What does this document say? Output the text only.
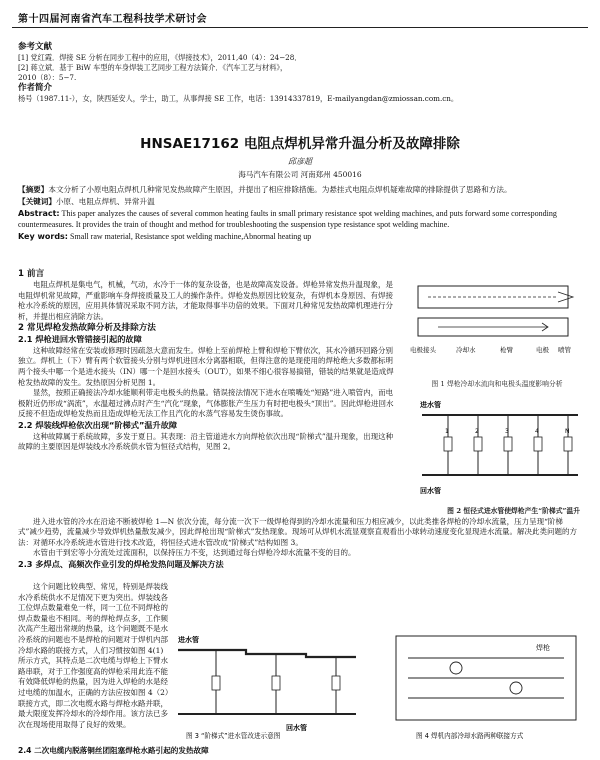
第十四届河南省汽车工程科技学术研讨会
参考文献
[1] 党红霞．焊接 SE 分析在同步工程中的应用，《焊接技术》，2011,40（4）：24−28．
[2] 蒋立斌．基于 BiW 车型的车身焊装工艺同步工程方法简介．《汽车工艺与材料》，
2010（8）：5−7.
作者简介
杨号（1987.11-），女，陕西延安人，学士，助工，从事焊接 SE 工作，电话：13914337819，E-mailyangdan@zmiossan.com.cn。
HNSAE17162 电阻点焊机异常升温分析及故障排除
邱彦超
海马汽车有限公司 河南郑州 450016

【摘要】本文分析了小原电阻点焊机几种常见发热故障产生原因，并提出了相应排除措施。为悬挂式电阻点焊机疑难故障的排除提供了思路和方法。

【关键词】小原、电阻点焊机、异常升温

Abstract: This paper analyzes the causes of several common heating faults in small primary resistance spot welding machines, and puts forward some corresponding countermeasures. It provides the train of thought and method for troubleshooting the suspension type resistance spot welding machine.

Key words: Small raw material, Resistance spot welding machine,Abnormal heating up

1 前言

电阻点焊机是集电气，机械，气动，水冷于一体的复杂设备，也是故障高发设备。焊枪异常发热升温现象，是电阻焊机常见故障，严重影响车身焊接质量及工人的操作条件。焊枪发热原因比较复杂，有焊机本身原因、有焊接枪水冷系统的原因，应用具体情况采取不同方法，才能取得事半功倍的效果。下面对几种常见发热故障机理进行分析，并提出相应消除方法。

2 常见焊枪发热故障分析及排除方法
2.1 焊枪进回水管错接引起的故障

这种故障经常在安装或修理时因疏忽大意而发生。焊枪上至前焊枪上臂和焊枪下臂依次，其水冷循环回路分别独立。焊机上（下）臂有两个软管接头分别与焊机进回水分离器相联，但得注意的是现使用的焊枪绝大多数都标明两个接头中哪一个是进水接头（IN）哪一个是回水接头（OUT），如果不细心很容易搞错，错装的结果就是造成焊枪发热故障的发生。发热原因分析见图 1。

显然，按照正确接法冷却水能顺利带走电极头的热量。错误接法情况下进水在喷嘴处“短路”进入喷管内，而电极附近仍形成“涡流”，水温超过沸点时产生“汽化”现象，气体膨胀产生压力有时把电极头“顶出”。因此焊枪进回水反接不但造成焊枪发热而且造成焊枪无法工作且汽化的水蒸气容易发生烫伤事故。

2.2 焊装线焊枪依次出现“阶梯式”温升故障

这种故障属于系统故障，多发于夏日。其表现：沿主管道进水方向焊枪依次出现“阶梯式”温升现象，出现这种故障的主要原因是焊装线水冷系统供水管为恒径式结构，见图 2。

电极接头	冷却水	枪臂	电极 喷管
图 1 焊枪冷却水流向和电极头温度影响分析
进水管
1	2	3	4	N
回水管
图 2 恒径式进水管使焊枪产生“阶梯式”温升

进入进水管的冷水在沿途不断被焊枪 1—N 依次分流，每分流一次下一级焊枪得到的冷却水流量和压力相应减少，以此类推各焊枪的冷却水流量，压力呈现“阶梯式”减少趋势，流量减少导致焊机热量散发减少，因此焊枪出现“阶梯式”发热现象。现场可从焊机水流显观察直观看出小球转动速度变化显现进水流量。解决此类问题的方法：对循环水冷系统进水管进行技术改造，将恒径式进水管改成“阶梯式”结构如图 3。

水管由干到宏等小分流处过流面积，以保持压力不变，达到通过每台焊枪冷却水流量不变的目的。

2.3 多焊点、高频次作业引发的焊枪发热问题及解决方法

这个问题比较典型、常见，特别是焊装线水冷系统供水不足情况下更为突出。焊装线各工位焊点数量难免一样，同一工位不同焊枪的焊点数量也不相同。考的焊枪焊点多，工作频次高产生超出常规的热量，这个问题既不是水冷系统的问题也不是焊枪的问题对于焊机内部冷却水路的联接方式，人们习惯按如图 4(1) 所示方式，其特点是二次电缆与焊枪上下臂水路串联，对于工作强度高的焊枪采用此连不能有效降低焊枪的热量，因为进入焊枪的水是经过电缆的加温水，正确的方法应按如图 4（2）联接方式，即二次电缆水路与焊枪水路并联，最大限度发挥冷却水的冷却作用。该方法已多次在现场使用取得了良好的效果。

进水管
回水管
焊枪
图 3 “阶梯式”进水管改进示意图	图 4 焊机内部冷却水路两种联接方式
2.4 二次电缆内脱落铜丝团阻塞焊枪水路引起的发热故障
